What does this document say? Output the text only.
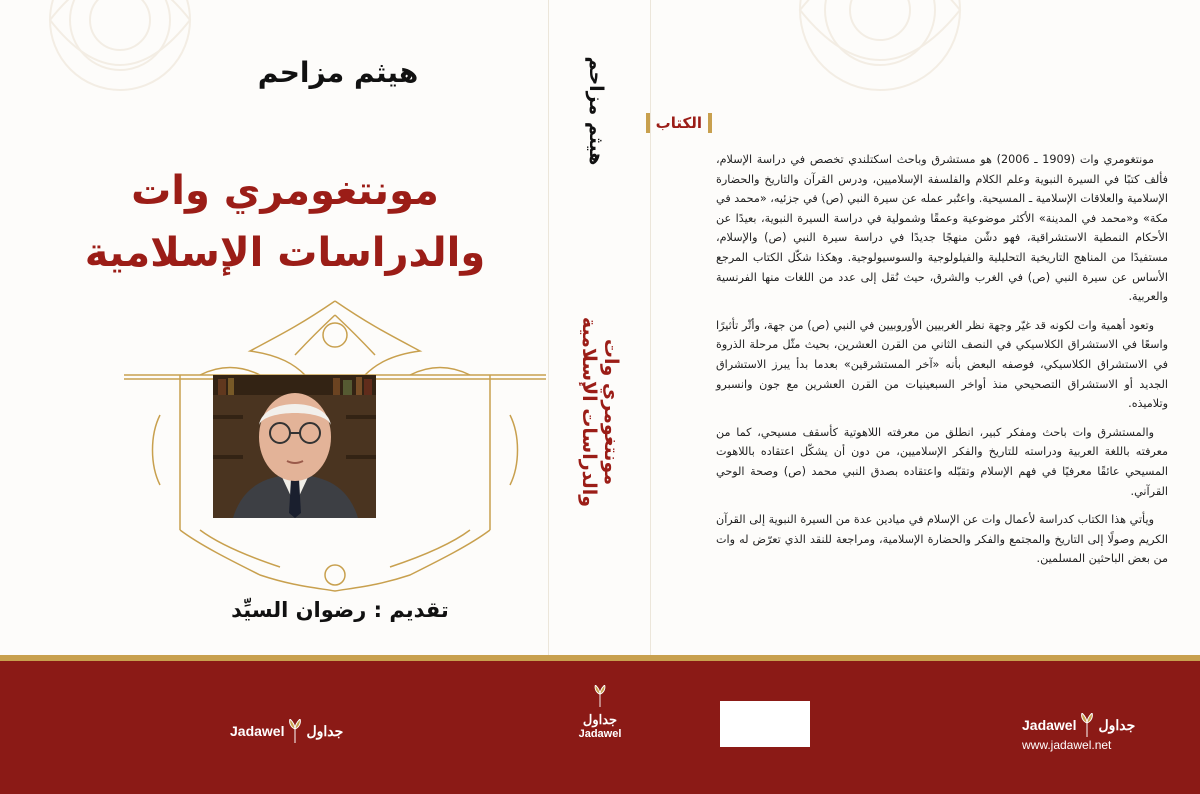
هيثم مزاحم
مونتغومري وات
والدراسات الإسلامية
تقديم : رضوان السيِّد
هيثم مزاحم
مونتغومري وات
والدراسات الإسلامية
الكتاب

مونتغومري وات (1909 ـ 2006) هو مستشرق وباحث اسكتلندي تخصص في دراسة الإسلام، فألف كتبًا في السيرة النبوية وعلم الكلام والفلسفة الإسلاميين، ودرس القرآن والتاريخ والحضارة الإسلامية والعلاقات الإسلامية ـ المسيحية. واعتُبر عمله عن سيرة النبي (ص) في جزئيه، «محمد في مكة» و«محمد في المدينة» الأكثر موضوعية وعمقًا وشمولية في دراسة السيرة النبوية، بعيدًا عن الأحكام النمطية الاستشراقية، فهو دشّن منهجًا جديدًا في دراسة سيرة النبي (ص) والإسلام، مستفيدًا من المناهج التاريخية التحليلية والفيلولوجية والسوسيولوجية. وهكذا شكّل الكتاب المرجع الأساس عن سيرة النبي (ص) في الغرب والشرق، حيث نُقل إلى عدد من اللغات منها الفرنسية والعربية.

وتعود أهمية وات لكونه قد غيّر وجهة نظر الغربيين الأوروبيين في النبي (ص) من جهة، وأثّر تأثيرًا واسعًا في الاستشراق الكلاسيكي في النصف الثاني من القرن العشرين، بحيث مثّل مرحلة الذروة في الاستشراق الكلاسيكي، فوصفه البعض بأنه «آخر المستشرقين» بعدما بدأ يبرز الاستشراق الجديد أو الاستشراق التصحيحي منذ أواخر السبعينيات من القرن العشرين مع جون وانسبرو وتلاميذه.

والمستشرق وات باحث ومفكر كبير، انطلق من معرفته اللاهوتية كأسقف مسيحي، كما من معرفته باللغة العربية ودراسته للتاريخ والفكر الإسلاميين، من دون أن يشكّل اعتقاده باللاهوت المسيحي عائقًا معرفيًا في فهم الإسلام وتقبّله واعتقاده بصدق النبي محمد (ص) وصحة الوحي القرآني.

ويأتي هذا الكتاب كدراسة لأعمال وات عن الإسلام في ميادين عدة من السيرة النبوية إلى القرآن الكريم وصولًا إلى التاريخ والمجتمع والفكر والحضارة الإسلامية، ومراجعة للنقد الذي تعرّض له وات من بعض الباحثين المسلمين.

Jadawel جداول
جداول
Jadawel
Jadawel جداول
www.jadawel.net
